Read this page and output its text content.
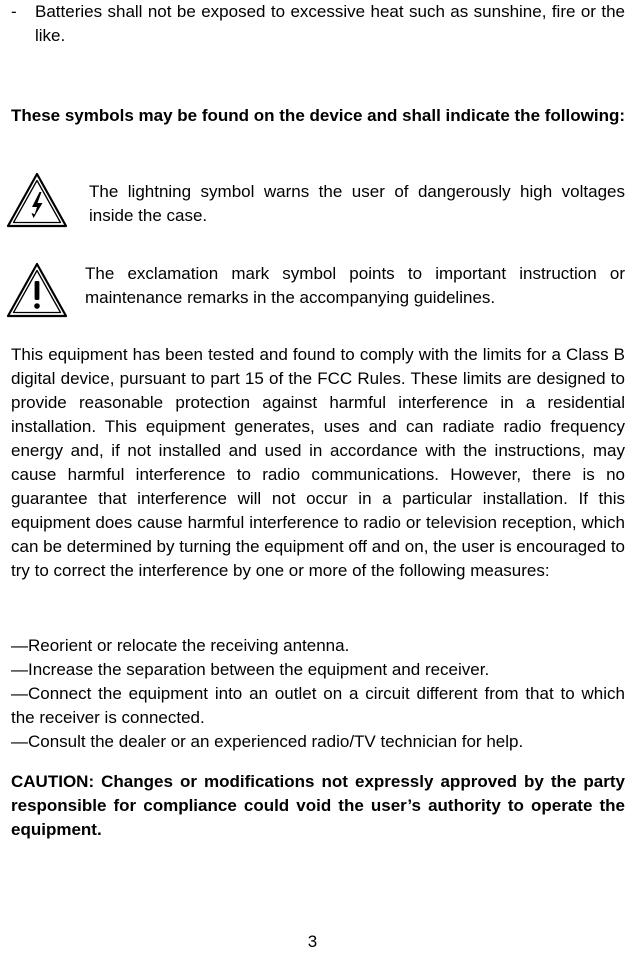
- Batteries shall not be exposed to excessive heat such as sunshine, fire or the like.
These symbols may be found on the device and shall indicate the following:
The lightning symbol warns the user of dangerously high voltages inside the case.
The exclamation mark symbol points to important instruction or maintenance remarks in the accompanying guidelines.
This equipment has been tested and found to comply with the limits for a Class B digital device, pursuant to part 15 of the FCC Rules. These limits are designed to provide reasonable protection against harmful interference in a residential installation. This equipment generates, uses and can radiate radio frequency energy and, if not installed and used in accordance with the instructions, may cause harmful interference to radio communications. However, there is no guarantee that interference will not occur in a particular installation. If this equipment does cause harmful interference to radio or television reception, which can be determined by turning the equipment off and on, the user is encouraged to try to correct the interference by one or more of the following measures:
—Reorient or relocate the receiving antenna.
—Increase the separation between the equipment and receiver.
—Connect the equipment into an outlet on a circuit different from that to which the receiver is connected.
—Consult the dealer or an experienced radio/TV technician for help.
CAUTION: Changes or modifications not expressly approved by the party responsible for compliance could void the user’s authority to operate the equipment.
3
